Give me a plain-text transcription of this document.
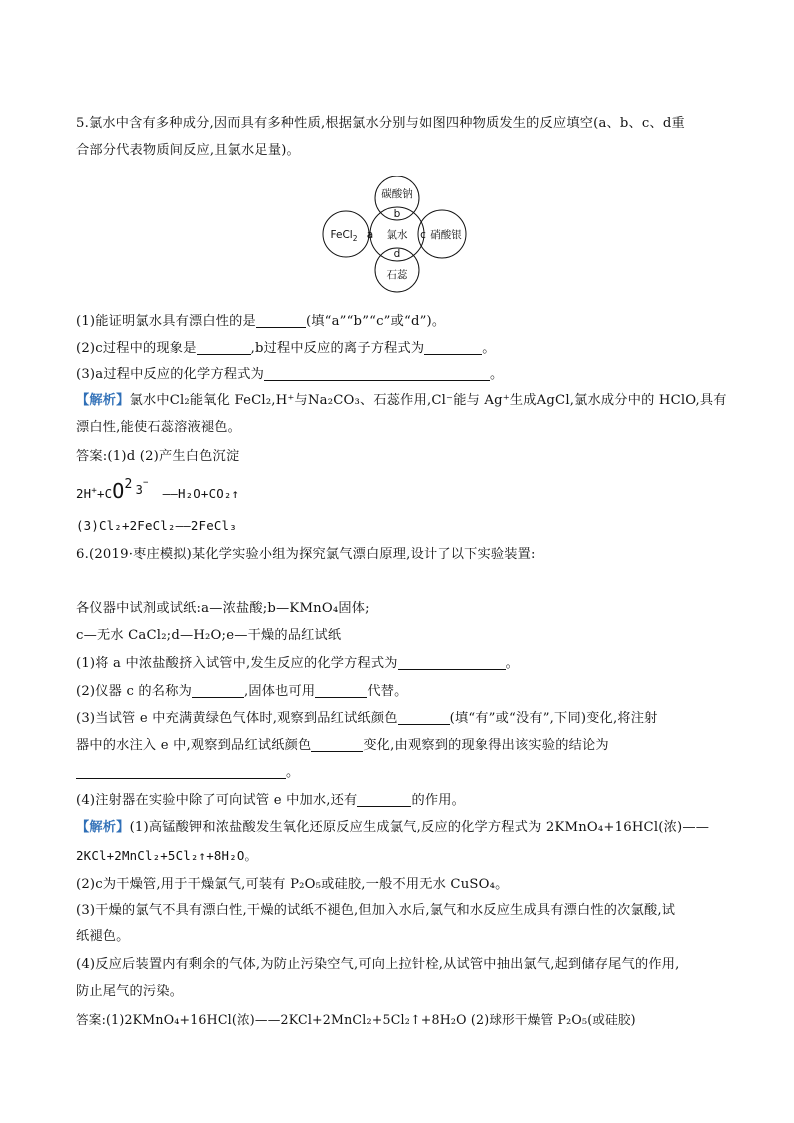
5.氯水中含有多种成分,因而具有多种性质,根据氯水分别与如图四种物质发生的反应填空(a、b、c、d重
合部分代表物质间反应,且氯水足量)。
碳酸钠
b
氯水
a	c
d
石蕊
硝酸银
FeCl$_2$
(1)能证明氯水具有漂白性的是	(填“a”“b”“c”或“d”)。
(2)c过程中的现象是	,b过程中反应的离子方程式为	。
(3)a过程中反应的化学方程式为	。
【解析】氯水中Cl₂能氧化 FeCl₂,H⁺与Na₂CO₃、石蕊作用,Cl⁻能与 Ag⁺生成AgCl,氯水成分中的 HClO,具有
漂白性,能使石蕊溶液褪色。
答案:(1)d (2)产生白色沉淀
2H++CO2 3−——H₂O+CO₂↑
(3)Cl₂+2FeCl₂——2FeCl₃
6.(2019·枣庄模拟)某化学实验小组为探究氯气漂白原理,设计了以下实验装置:
各仪器中试剂或试纸:a—浓盐酸;b—KMnO₄固体;
c—无水 CaCl₂;d—H₂O;e—干燥的品红试纸
(1)将 a 中浓盐酸挤入试管中,发生反应的化学方程式为	。
(2)仪器 c 的名称为	,固体也可用	代替。
(3)当试管 e 中充满黄绿色气体时,观察到品红试纸颜色	(填“有”或“没有”,下同)变化,将注射
器中的水注入 e 中,观察到品红试纸颜色	变化,由观察到的现象得出该实验的结论为
。
(4)注射器在实验中除了可向试管 e 中加水,还有	的作用。
【解析】(1)高锰酸钾和浓盐酸发生氧化还原反应生成氯气,反应的化学方程式为 2KMnO₄+16HCl(浓)——
2KCl+2MnCl₂+5Cl₂↑+8H₂O。
(2)c为干燥管,用于干燥氯气,可装有 P₂O₅或硅胶,一般不用无水 CuSO₄。
(3)干燥的氯气不具有漂白性,干燥的试纸不褪色,但加入水后,氯气和水反应生成具有漂白性的次氯酸,试
纸褪色。
(4)反应后装置内有剩余的气体,为防止污染空气,可向上拉针栓,从试管中抽出氯气,起到储存尾气的作用,
防止尾气的污染。
答案:(1)2KMnO₄+16HCl(浓)——2KCl+2MnCl₂+5Cl₂↑+8H₂O (2)球形干燥管 P₂O₅(或硅胶)
